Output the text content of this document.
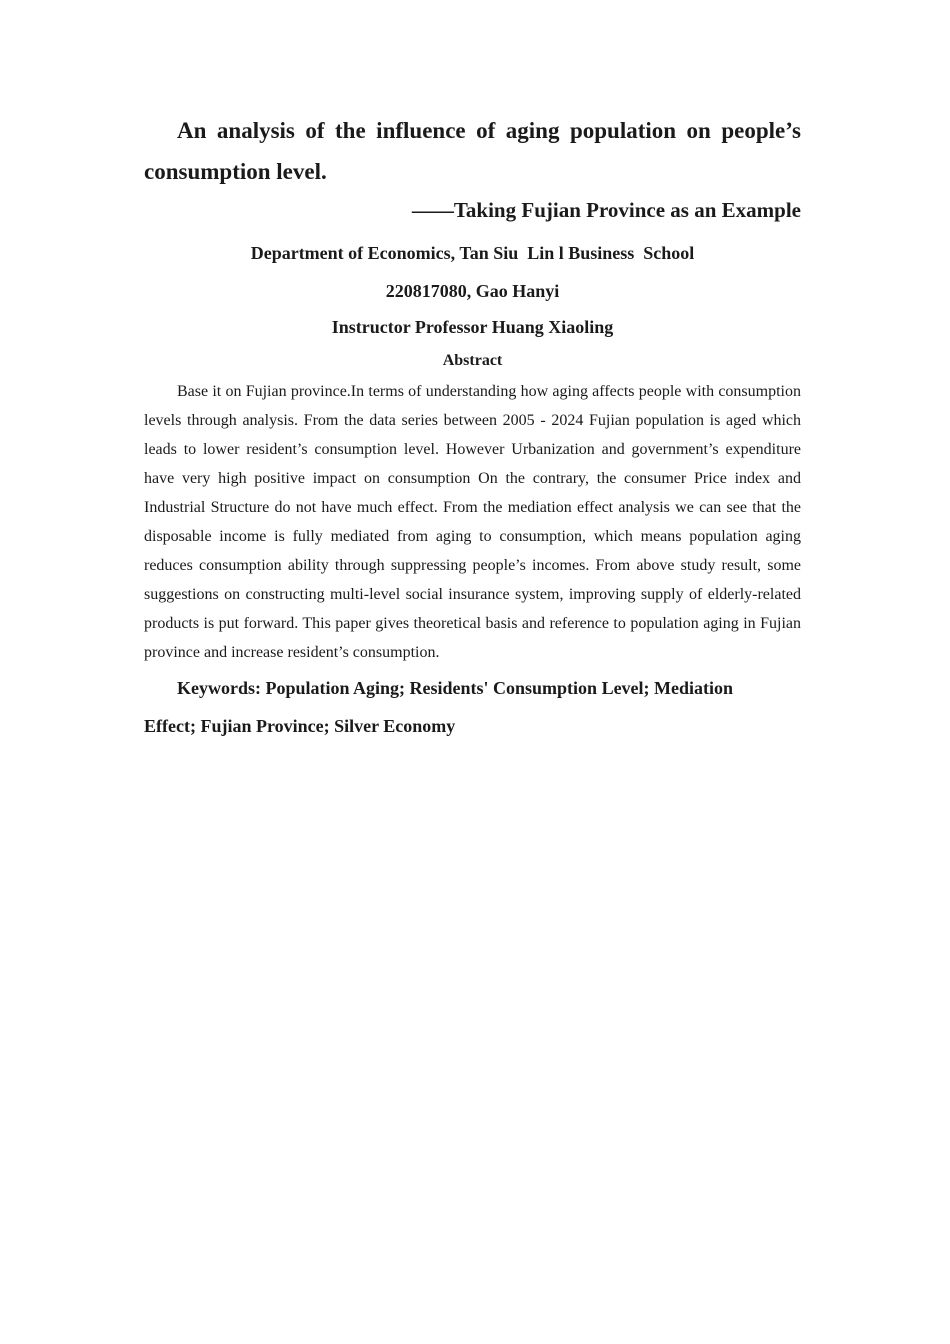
An analysis of the influence of aging population on people’s consumption level.

——Taking Fujian Province as an Example

Department of Economics, Tan Siu  Lin l Business  School

220817080, Gao Hanyi

Instructor Professor Huang Xiaoling

Abstract

Base it on Fujian province.In terms of understanding how aging affects people with consumption levels through analysis. From the data series between 2005 - 2024 Fujian population is aged which leads to lower resident’s consumption level. However Urbanization and government’s expenditure have very high positive impact on consumption On the contrary, the consumer Price index and Industrial Structure do not have much effect. From the mediation effect analysis we can see that the disposable income is fully mediated from aging to consumption, which means population aging reduces consumption ability through suppressing people’s incomes. From above study result, some suggestions on constructing multi-level social insurance system, improving supply of elderly-related products is put forward. This paper gives theoretical basis and reference to population aging in Fujian province and increase resident’s consumption.

Keywords: Population Aging; Residents' Consumption Level; Mediation Effect; Fujian Province; Silver Economy
